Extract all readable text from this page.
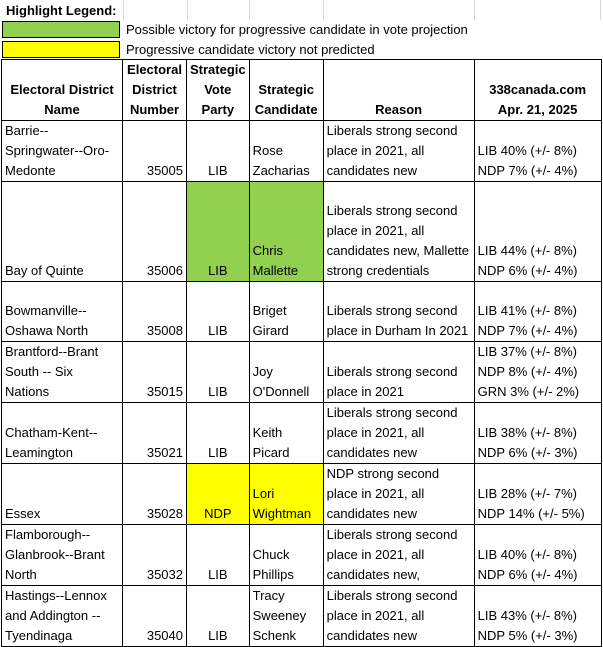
Highlight Legend:
Possible victory for progressive candidate in vote projection
Progressive candidate victory not predicted
Electoral District Name	Electoral District Number	Strategic Vote Party	Strategic Candidate	Reason	338canada.com
Apr. 21, 2025

Barrie--Springwater--Oro-Medonte	35005	LIB	Rose Zacharias	Liberals strong second place in 2021, all candidates new	LIB 40% (+/- 8%)
NDP 7% (+/- 4%)

Bay of Quinte	35006	LIB	Chris Mallette	Liberals strong second place in 2021, all candidates new, Mallette strong credentials	LIB 44% (+/- 8%)
NDP 6% (+/- 4%)

Bowmanville--Oshawa North	35008	LIB	Briget Girard	Liberals strong second place in Durham In 2021	LIB 41% (+/- 8%)
NDP 7% (+/- 4%)

Brantford--Brant South -- Six Nations	35015	LIB	Joy O'Donnell	Liberals strong second place in 2021	LIB 37% (+/- 8%)
NDP 8% (+/- 4%)
GRN 3% (+/- 2%)

Chatham-Kent--Leamington	35021	LIB	Keith Picard	Liberals strong second place in 2021, all candidates new	LIB 38% (+/- 8%)
NDP 6% (+/- 3%)

Essex	35028	NDP	Lori Wightman	NDP strong second place in 2021, all candidates new	LIB 28% (+/- 7%)
NDP 14% (+/- 5%)

Flamborough--Glanbrook--Brant North	35032	LIB	Chuck Phillips	Liberals strong second place in 2021, all candidates new,	LIB 40% (+/- 8%)
NDP 6% (+/- 4%)

Hastings--Lennox and Addington -- Tyendinaga	35040	LIB	Tracy Sweeney Schenk	Liberals strong second place in 2021, all candidates new	LIB 43% (+/- 8%)
NDP 5% (+/- 3%)
